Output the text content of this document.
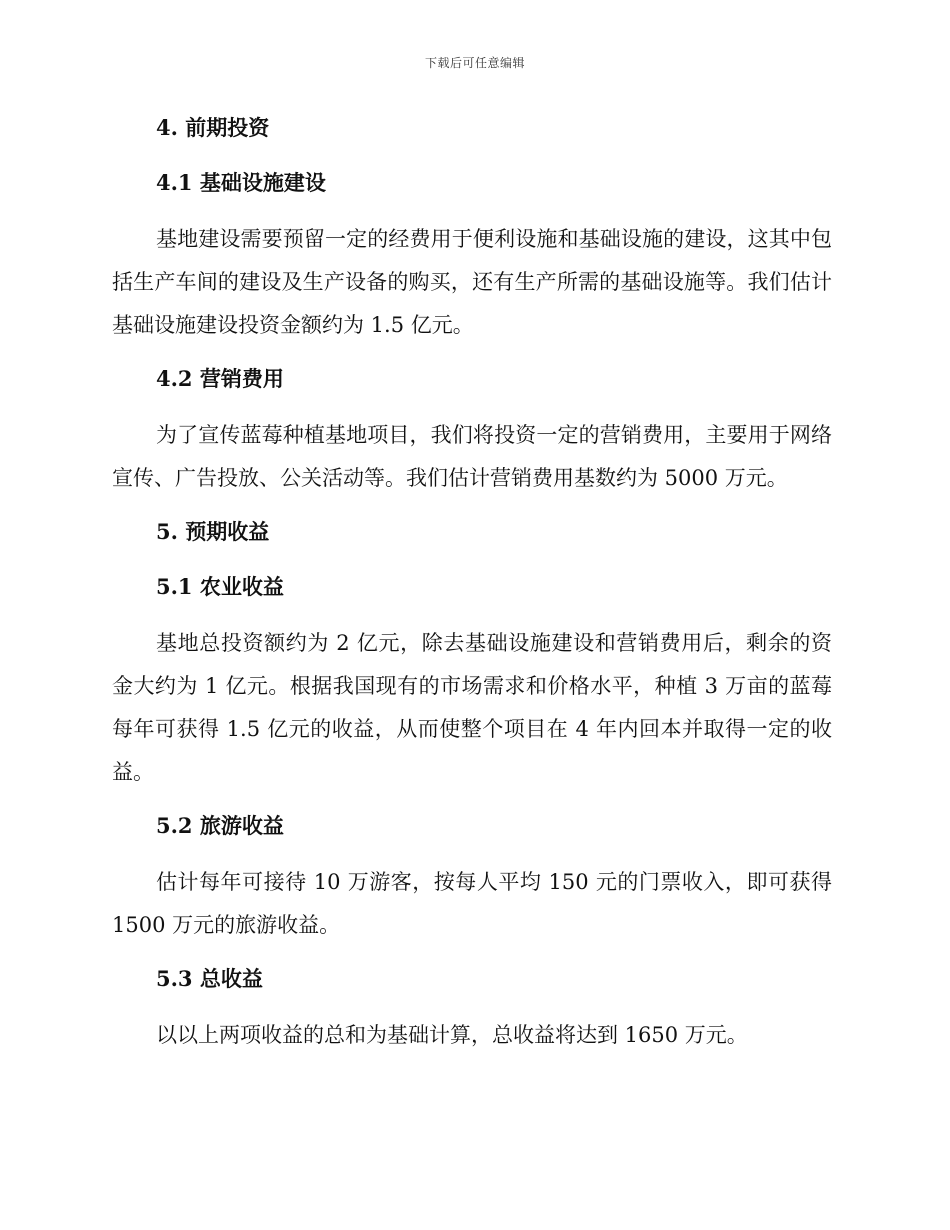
下载后可任意编辑
4. 前期投资
4.1 基础设施建设

基地建设需要预留一定的经费用于便利设施和基础设施的建设，这其中包括生产车间的建设及生产设备的购买，还有生产所需的基础设施等。我们估计基础设施建设投资金额约为 1.5 亿元。

4.2 营销费用

为了宣传蓝莓种植基地项目，我们将投资一定的营销费用，主要用于网络宣传、广告投放、公关活动等。我们估计营销费用基数约为 5000 万元。

5. 预期收益
5.1 农业收益

基地总投资额约为 2 亿元，除去基础设施建设和营销费用后，剩余的资金大约为 1 亿元。根据我国现有的市场需求和价格水平，种植 3 万亩的蓝莓每年可获得 1.5 亿元的收益，从而使整个项目在 4 年内回本并取得一定的收益。

5.2 旅游收益

估计每年可接待 10 万游客，按每人平均 150 元的门票收入，即可获得 1500 万元的旅游收益。

5.3 总收益

以以上两项收益的总和为基础计算，总收益将达到 1650 万元。
